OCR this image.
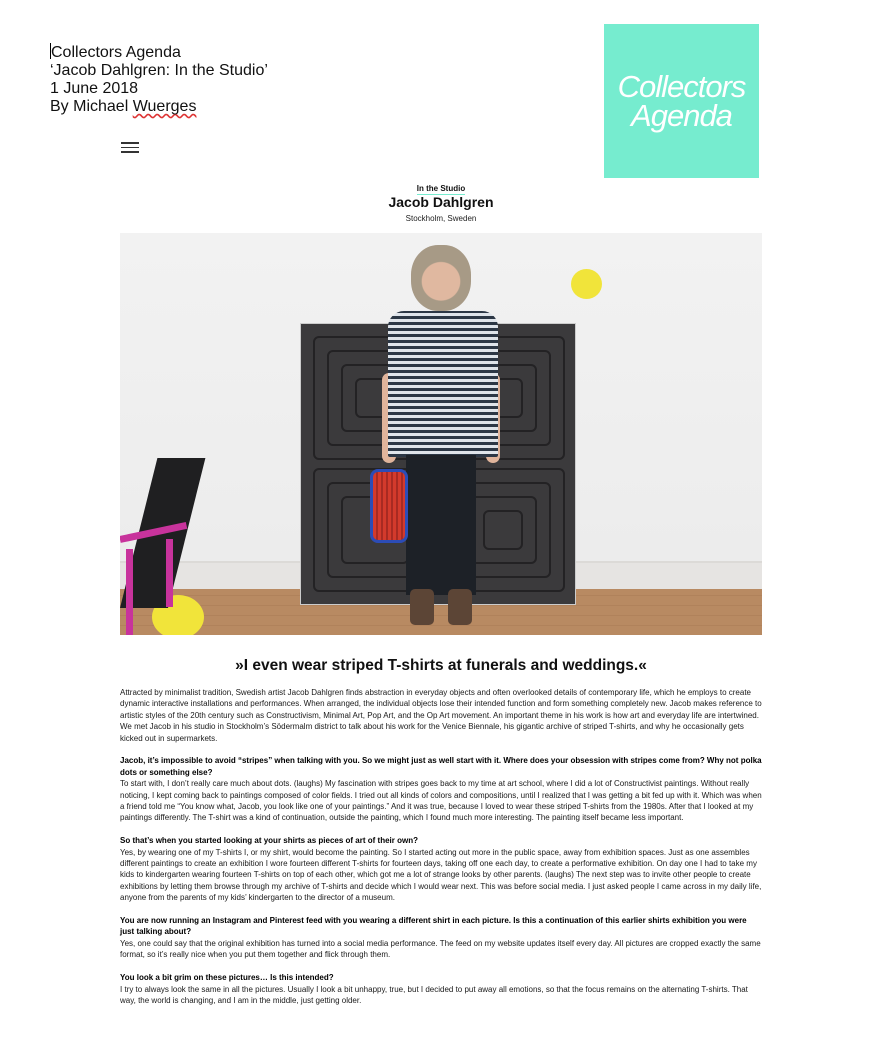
Collectors Agenda
‘Jacob Dahlgren: In the Studio’
1 June 2018
By Michael Wuerges
Collectors
Agenda
In the Studio
Jacob Dahlgren
Stockholm, Sweden
»I even wear striped T-shirts at funerals and weddings.«

Attracted by minimalist tradition, Swedish artist Jacob Dahlgren finds abstraction in everyday objects and often overlooked details of contemporary life, which he employs to create dynamic interactive installations and performances. When arranged, the individual objects lose their intended function and form something completely new. Jacob makes reference to artistic styles of the 20th century such as Constructivism, Minimal Art, Pop Art, and the Op Art movement. An important theme in his work is how art and everyday life are intertwined. We met Jacob in his studio in Stockholm’s Södermalm district to talk about his work for the Venice Biennale, his gigantic archive of striped T-shirts, and why he occasionally gets kicked out in supermarkets.

Jacob, it’s impossible to avoid “stripes” when talking with you. So we might just as well start with it. Where does your obsession with stripes come from? Why not polka dots or something else?

To start with, I don’t really care much about dots. (laughs) My fascination with stripes goes back to my time at art school, where I did a lot of Constructivist paintings. Without really noticing, I kept coming back to paintings composed of color fields. I tried out all kinds of colors and compositions, until I realized that I was getting a bit fed up with it. Which was when a friend told me “You know what, Jacob, you look like one of your paintings.” And it was true, because I loved to wear these striped T-shirts from the 1980s. After that I looked at my paintings differently. The T-shirt was a kind of continuation, outside the painting, which I found much more interesting. The painting itself became less important.

So that’s when you started looking at your shirts as pieces of art of their own?

Yes, by wearing one of my T-shirts I, or my shirt, would become the painting. So I started acting out more in the public space, away from exhibition spaces. Just as one assembles different paintings to create an exhibition I wore fourteen different T-shirts for fourteen days, taking off one each day, to create a performative exhibition. On day one I had to take my kids to kindergarten wearing fourteen T-shirts on top of each other, which got me a lot of strange looks by other parents. (laughs) The next step was to invite other people to create exhibitions by letting them browse through my archive of T-shirts and decide which I would wear next. This was before social media. I just asked people I came across in my daily life, anyone from the parents of my kids’ kindergarten to the director of a museum.

You are now running an Instagram and Pinterest feed with you wearing a different shirt in each picture. Is this a continuation of this earlier shirts exhibition you were just talking about?

Yes, one could say that the original exhibition has turned into a social media performance. The feed on my website updates itself every day. All pictures are cropped exactly the same format, so it’s really nice when you put them together and flick through them.

You look a bit grim on these pictures… Is this intended?

I try to always look the same in all the pictures. Usually I look a bit unhappy, true, but I decided to put away all emotions, so that the focus remains on the alternating T-shirts. That way, the world is changing, and I am in the middle, just getting older.
